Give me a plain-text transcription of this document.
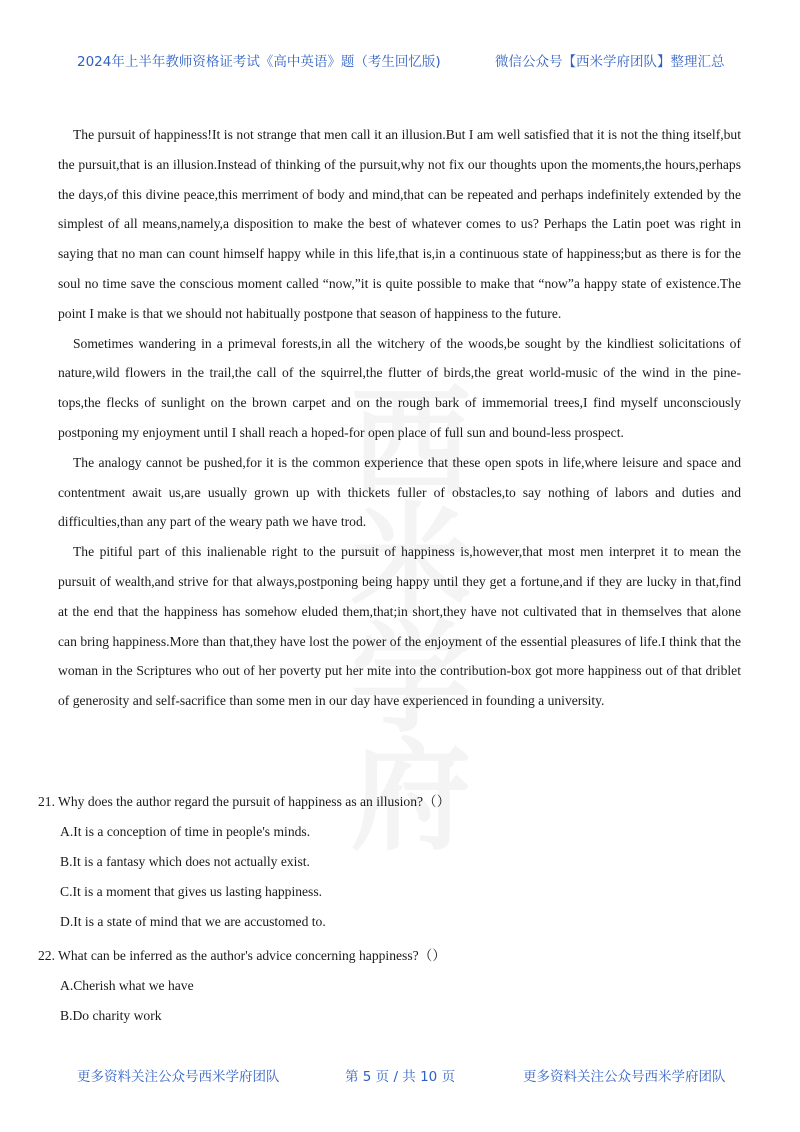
2024年上半年教师资格证考试《高中英语》题（考生回忆版)	微信公众号【西米学府团队】整理汇总
西米
学府

The pursuit of happiness!It is not strange that men call it an illusion.But I am well satisfied that it is not the thing itself,but the pursuit,that is an illusion.Instead of thinking of the pursuit,why not fix our thoughts upon the moments,the hours,perhaps the days,of this divine peace,this merriment of body and mind,that can be repeated and perhaps indefinitely extended by the simplest of all means,namely,a disposition to make the best of whatever comes to us? Perhaps the Latin poet was right in saying that no man can count himself happy while in this life,that is,in a continuous state of happiness;but as there is for the soul no time save the conscious moment called “now,”it is quite possible to make that “now”a happy state of existence.The point I make is that we should not habitually postpone that season of happiness to the future.

Sometimes wandering in a primeval forests,in all the witchery of the woods,be sought by the kindliest solicitations of nature,wild flowers in the trail,the call of the squirrel,the flutter of birds,the great world-music of the wind in the pine-tops,the flecks of sunlight on the brown carpet and on the rough bark of immemorial trees,I find myself unconsciously postponing my enjoyment until I shall reach a hoped-for open place of full sun and bound-less prospect.

The analogy cannot be pushed,for it is the common experience that these open spots in life,where leisure and space and contentment await us,are usually grown up with thickets fuller of obstacles,to say nothing of labors and duties and difficulties,than any part of the weary path we have trod.

The pitiful part of this inalienable right to the pursuit of happiness is,however,that most men interpret it to mean the pursuit of wealth,and strive for that always,postponing being happy until they get a fortune,and if they are lucky in that,find at the end that the happiness has somehow eluded them,that;in short,they have not cultivated that in themselves that alone can bring happiness.More than that,they have lost the power of the enjoyment of the essential pleasures of life.I think that the woman in the Scriptures who out of her poverty put her mite into the contribution-box got more happiness out of that driblet of generosity and self-sacrifice than some men in our day have experienced in founding a university.

21. Why does the author regard the pursuit of happiness as an illusion?（）

A.It is a conception of time in people's minds.

B.It is a fantasy which does not actually exist.

C.It is a moment that gives us lasting happiness.

D.It is a state of mind that we are accustomed to.

22. What can be inferred as the author's advice concerning happiness?（）

A.Cherish what we have

B.Do charity work

更多资料关注公众号西米学府团队	第 5 页 / 共 10 页	更多资料关注公众号西米学府团队
